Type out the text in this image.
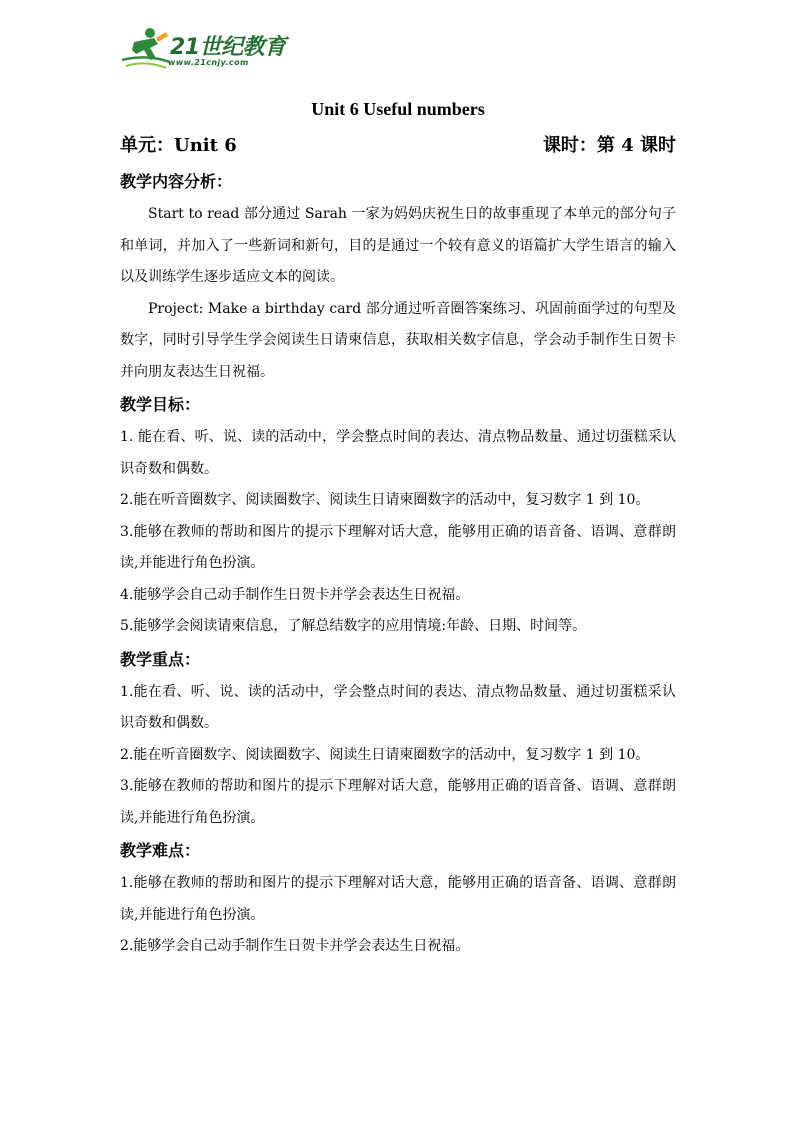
21世纪教育
www.21cnjy.com
Unit 6 Useful numbers
单元：Unit 6	课时：第 4 课时
教学内容分析：

Start to read 部分通过 Sarah 一家为妈妈庆祝生日的故事重现了本单元的部分句子和单词，并加入了一些新词和新句，目的是通过一个较有意义的语篇扩大学生语言的输入以及训练学生逐步适应文本的阅读。

Project: Make a birthday card 部分通过听音圈答案练习、巩固前面学过的句型及数字，同时引导学生学会阅读生日请柬信息，获取相关数字信息，学会动手制作生日贺卡并向朋友表达生日祝福。

教学目标：

1. 能在看、听、说、读的活动中，学会整点时间的表达、清点物品数量、通过切蛋糕采认识奇数和偶数。

2.能在听音圈数字、阅读圈数字、阅读生日请柬圈数字的活动中，复习数字 1 到 10。

3.能够在教师的帮助和图片的提示下理解对话大意，能够用正确的语音备、语调、意群朗读,并能进行角色扮演。

4.能够学会自己动手制作生日贺卡并学会表达生日祝福。

5.能够学会阅读请柬信息，了解总结数字的应用情境:年龄、日期、时间等。

教学重点：

1.能在看、听、说、读的活动中，学会整点时间的表达、清点物品数量、通过切蛋糕采认识奇数和偶数。

2.能在听音圈数字、阅读圈数字、阅读生日请柬圈数字的活动中，复习数字 1 到 10。

3.能够在教师的帮助和图片的提示下理解对话大意，能够用正确的语音备、语调、意群朗读,并能进行角色扮演。

教学难点：

1.能够在教师的帮助和图片的提示下理解对话大意，能够用正确的语音备、语调、意群朗读,并能进行角色扮演。

2.能够学会自己动手制作生日贺卡并学会表达生日祝福。
